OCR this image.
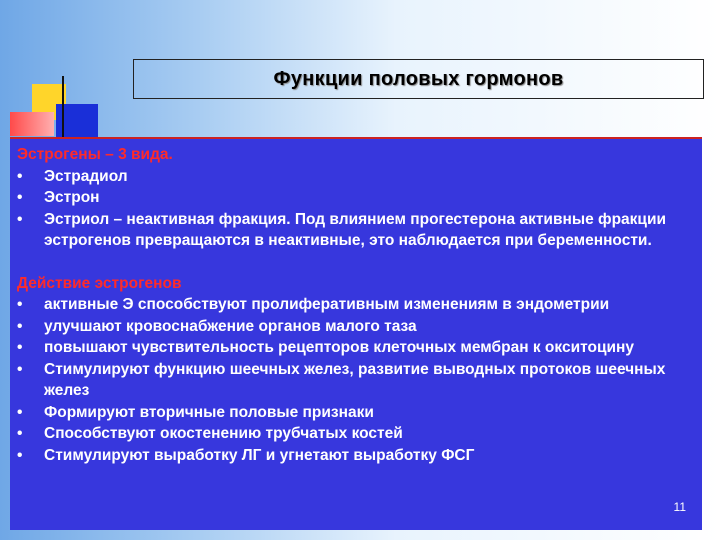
Функции половых гормонов
Эстрогены – 3 вида.
•	Эстрадиол
•	Эстрон
•	Эстриол – неактивная фракция. Под влиянием прогестерона активные фракции эстрогенов превращаются в неактивные, это наблюдается при беременности.
Действие эстрогенов
•	активные Э способствуют пролиферативным изменениям в эндометрии
•	улучшают кровоснабжение органов малого таза
•	повышают чувствительность рецепторов клеточных мембран к окситоцину
•	Стимулируют функцию шеечных желез, развитие выводных протоков шеечных желез
•	Формируют вторичные половые признаки
•	Способствуют окостенению трубчатых костей
•	Стимулируют выработку ЛГ и угнетают выработку ФСГ
11
